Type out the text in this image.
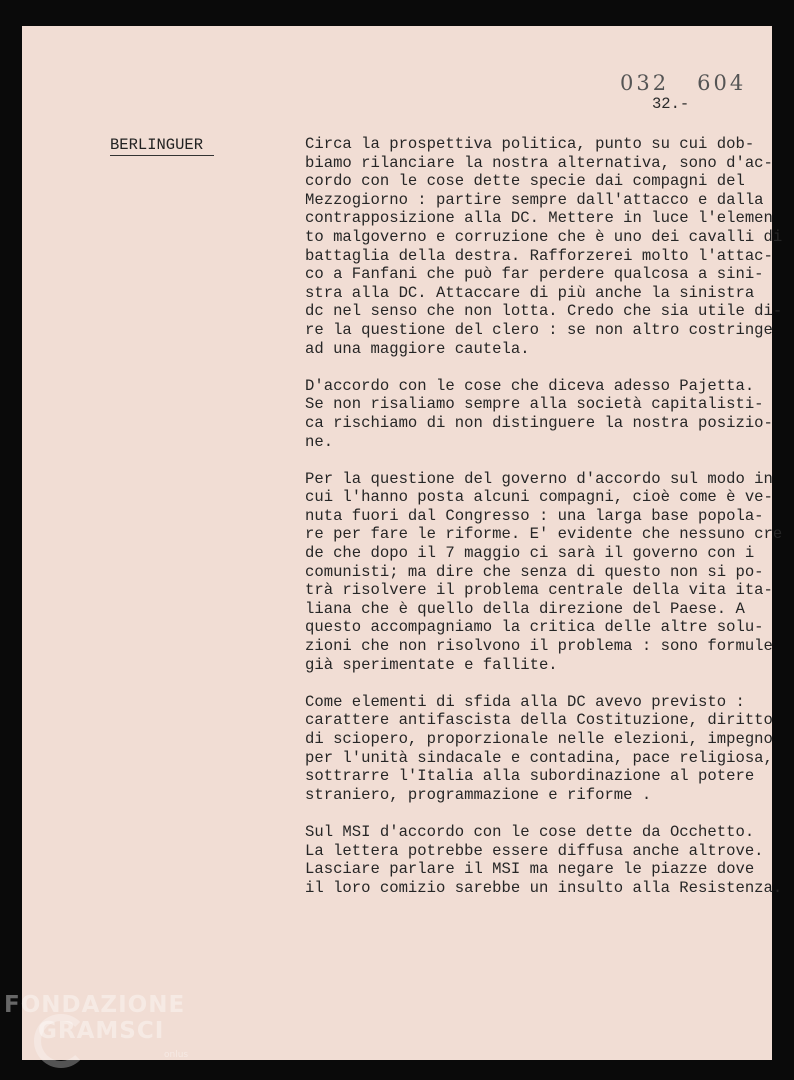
032 604
32.-
BERLINGUER	Circa la prospettiva politica, punto su cui dob-
biamo rilanciare la nostra alternativa, sono d'ac-
cordo con le cose dette specie dai compagni del
Mezzogiorno : partire sempre dall'attacco e dalla
contrapposizione alla DC. Mettere in luce l'elemen
to malgoverno e corruzione che è uno dei cavalli di
battaglia della destra. Rafforzerei molto l'attac-
co a Fanfani che può far perdere qualcosa a sini-
stra alla DC. Attaccare di più anche la sinistra
dc nel senso che non lotta. Credo che sia utile di-
re la questione del clero : se non altro costringe
ad una maggiore cautela.
D'accordo con le cose che diceva adesso Pajetta.
Se non risaliamo sempre alla società capitalisti-
ca rischiamo di non distinguere la nostra posizio-
ne.
Per la questione del governo d'accordo sul modo in
cui l'hanno posta alcuni compagni, cioè come è ve-
nuta fuori dal Congresso : una larga base popola-
re per fare le riforme. E' evidente che nessuno cre
de che dopo il 7 maggio ci sarà il governo con i
comunisti; ma dire che senza di questo non si po-
trà risolvere il problema centrale della vita ita-
liana che è quello della direzione del Paese. A
questo accompagniamo la critica delle altre solu-
zioni che non risolvono il problema : sono formule
già sperimentate e fallite.
Come elementi di sfida alla DC avevo previsto :
carattere antifascista della Costituzione, diritto
di sciopero, proporzionale nelle elezioni, impegno
per l'unità sindacale e contadina, pace religiosa,
sottrarre l'Italia alla subordinazione al potere
straniero, programmazione e riforme .
Sul MSI d'accordo con le cose dette da Occhetto.
La lettera potrebbe essere diffusa anche altrove.
Lasciare parlare il MSI ma negare le piazze dove
il loro comizio sarebbe un insulto alla Resistenza.
FONDAZIONE
GRAMSCI
onlus
